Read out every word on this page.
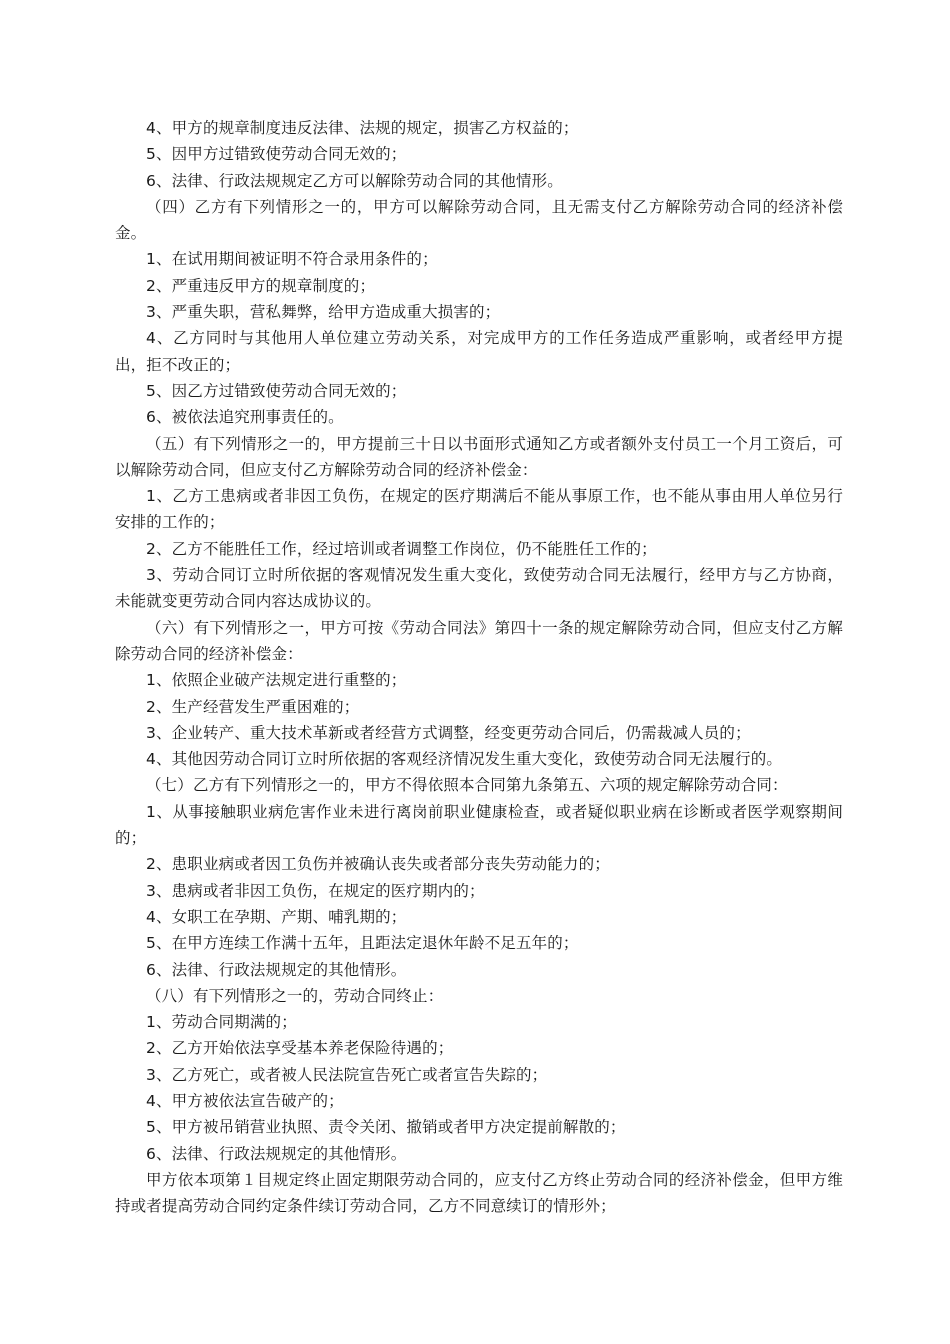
4、甲方的规章制度违反法律、法规的规定，损害乙方权益的；

5、因甲方过错致使劳动合同无效的；

6、法律、行政法规规定乙方可以解除劳动合同的其他情形。

（四）乙方有下列情形之一的，甲方可以解除劳动合同，且无需支付乙方解除劳动合同的经济补偿金。

1、在试用期间被证明不符合录用条件的；

2、严重违反甲方的规章制度的；

3、严重失职，营私舞弊，给甲方造成重大损害的；

4、乙方同时与其他用人单位建立劳动关系，对完成甲方的工作任务造成严重影响，或者经甲方提出，拒不改正的；

5、因乙方过错致使劳动合同无效的；

6、被依法追究刑事责任的。

（五）有下列情形之一的，甲方提前三十日以书面形式通知乙方或者额外支付员工一个月工资后，可以解除劳动合同，但应支付乙方解除劳动合同的经济补偿金：

1、乙方工患病或者非因工负伤，在规定的医疗期满后不能从事原工作，也不能从事由用人单位另行安排的工作的；

2、乙方不能胜任工作，经过培训或者调整工作岗位，仍不能胜任工作的；

3、劳动合同订立时所依据的客观情况发生重大变化，致使劳动合同无法履行，经甲方与乙方协商，未能就变更劳动合同内容达成协议的。

（六）有下列情形之一，甲方可按《劳动合同法》第四十一条的规定解除劳动合同，但应支付乙方解除劳动合同的经济补偿金：

1、依照企业破产法规定进行重整的；

2、生产经营发生严重困难的；

3、企业转产、重大技术革新或者经营方式调整，经变更劳动合同后，仍需裁减人员的；

4、其他因劳动合同订立时所依据的客观经济情况发生重大变化，致使劳动合同无法履行的。

（七）乙方有下列情形之一的，甲方不得依照本合同第九条第五、六项的规定解除劳动合同：

1、从事接触职业病危害作业未进行离岗前职业健康检查，或者疑似职业病在诊断或者医学观察期间的；

2、患职业病或者因工负伤并被确认丧失或者部分丧失劳动能力的；

3、患病或者非因工负伤，在规定的医疗期内的；

4、女职工在孕期、产期、哺乳期的；

5、在甲方连续工作满十五年，且距法定退休年龄不足五年的；

6、法律、行政法规规定的其他情形。

（八）有下列情形之一的，劳动合同终止：

1、劳动合同期满的；

2、乙方开始依法享受基本养老保险待遇的；

3、乙方死亡，或者被人民法院宣告死亡或者宣告失踪的；

4、甲方被依法宣告破产的；

5、甲方被吊销营业执照、责令关闭、撤销或者甲方决定提前解散的；

6、法律、行政法规规定的其他情形。

甲方依本项第１目规定终止固定期限劳动合同的，应支付乙方终止劳动合同的经济补偿金，但甲方维持或者提高劳动合同约定条件续订劳动合同，乙方不同意续订的情形外；
